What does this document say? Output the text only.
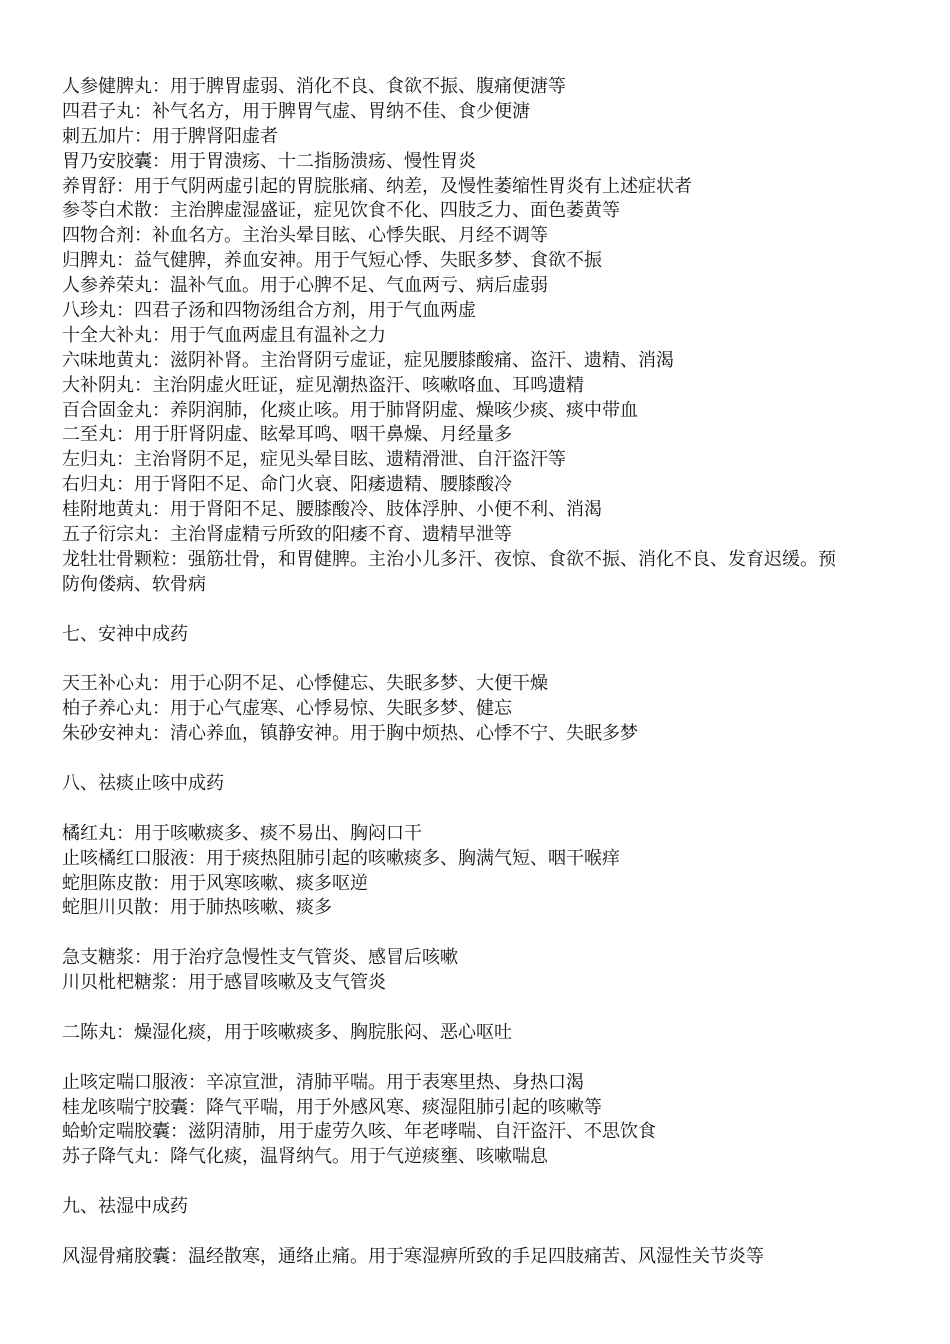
人参健脾丸：用于脾胃虚弱、消化不良、食欲不振、腹痛便溏等
四君子丸：补气名方，用于脾胃气虚、胃纳不佳、食少便溏
刺五加片：用于脾肾阳虚者
胃乃安胶囊：用于胃溃疡、十二指肠溃疡、慢性胃炎
养胃舒：用于气阴两虚引起的胃脘胀痛、纳差，及慢性萎缩性胃炎有上述症状者
参苓白术散：主治脾虚湿盛证，症见饮食不化、四肢乏力、面色萎黄等
四物合剂：补血名方。主治头晕目眩、心悸失眠、月经不调等
归脾丸：益气健脾，养血安神。用于气短心悸、失眠多梦、食欲不振
人参养荣丸：温补气血。用于心脾不足、气血两亏、病后虚弱
八珍丸：四君子汤和四物汤组合方剂，用于气血两虚
十全大补丸：用于气血两虚且有温补之力
六味地黄丸：滋阴补肾。主治肾阴亏虚证，症见腰膝酸痛、盗汗、遗精、消渴
大补阴丸：主治阴虚火旺证，症见潮热盗汗、咳嗽咯血、耳鸣遗精
百合固金丸：养阴润肺，化痰止咳。用于肺肾阴虚、燥咳少痰、痰中带血
二至丸：用于肝肾阴虚、眩晕耳鸣、咽干鼻燥、月经量多
左归丸：主治肾阴不足，症见头晕目眩、遗精滑泄、自汗盗汗等
右归丸：用于肾阳不足、命门火衰、阳痿遗精、腰膝酸冷
桂附地黄丸：用于肾阳不足、腰膝酸冷、肢体浮肿、小便不利、消渴
五子衍宗丸：主治肾虚精亏所致的阳痿不育、遗精早泄等
龙牡壮骨颗粒：强筋壮骨，和胃健脾。主治小儿多汗、夜惊、食欲不振、消化不良、发育迟缓。预
防佝偻病、软骨病
七、安神中成药
天王补心丸：用于心阴不足、心悸健忘、失眠多梦、大便干燥
柏子养心丸：用于心气虚寒、心悸易惊、失眠多梦、健忘
朱砂安神丸：清心养血，镇静安神。用于胸中烦热、心悸不宁、失眠多梦
八、祛痰止咳中成药
橘红丸：用于咳嗽痰多、痰不易出、胸闷口干
止咳橘红口服液：用于痰热阻肺引起的咳嗽痰多、胸满气短、咽干喉痒
蛇胆陈皮散：用于风寒咳嗽、痰多呕逆
蛇胆川贝散：用于肺热咳嗽、痰多
急支糖浆：用于治疗急慢性支气管炎、感冒后咳嗽
川贝枇杷糖浆：用于感冒咳嗽及支气管炎
二陈丸：燥湿化痰，用于咳嗽痰多、胸脘胀闷、恶心呕吐
止咳定喘口服液：辛凉宣泄，清肺平喘。用于表寒里热、身热口渴
桂龙咳喘宁胶囊：降气平喘，用于外感风寒、痰湿阻肺引起的咳嗽等
蛤蚧定喘胶囊：滋阴清肺，用于虚劳久咳、年老哮喘、自汗盗汗、不思饮食
苏子降气丸：降气化痰，温肾纳气。用于气逆痰壅、咳嗽喘息
九、祛湿中成药
风湿骨痛胶囊：温经散寒，通络止痛。用于寒湿痹所致的手足四肢痛苦、风湿性关节炎等
